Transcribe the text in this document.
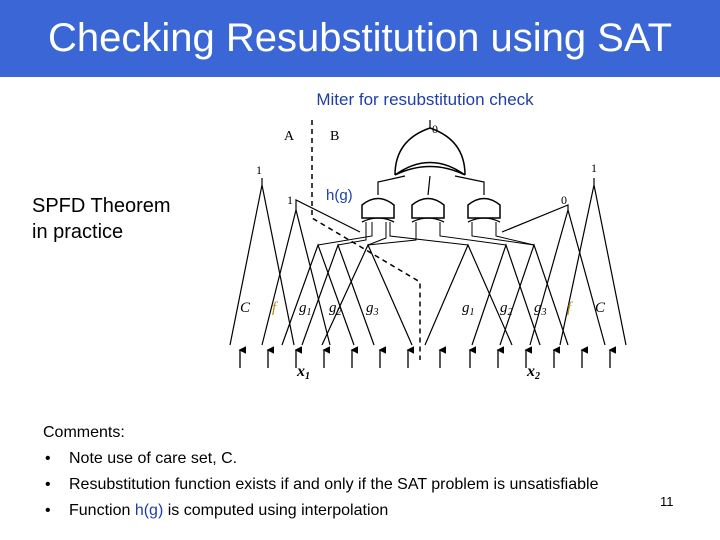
Checking Resubstitution using SAT
Miter for resubstitution check
SPFD Theorem
in practice
A	B	0
1
1
1
0
h(g)
C f $g_1$ $g_2$ $g_3$	$g_1$ $g_2$ $g_3$ f C
x1	x2
Comments:
• Note use of care set, C.
• Resubstitution function exists if and only if the SAT problem is unsatisfiable
• Function h(g) is computed using interpolation
11
